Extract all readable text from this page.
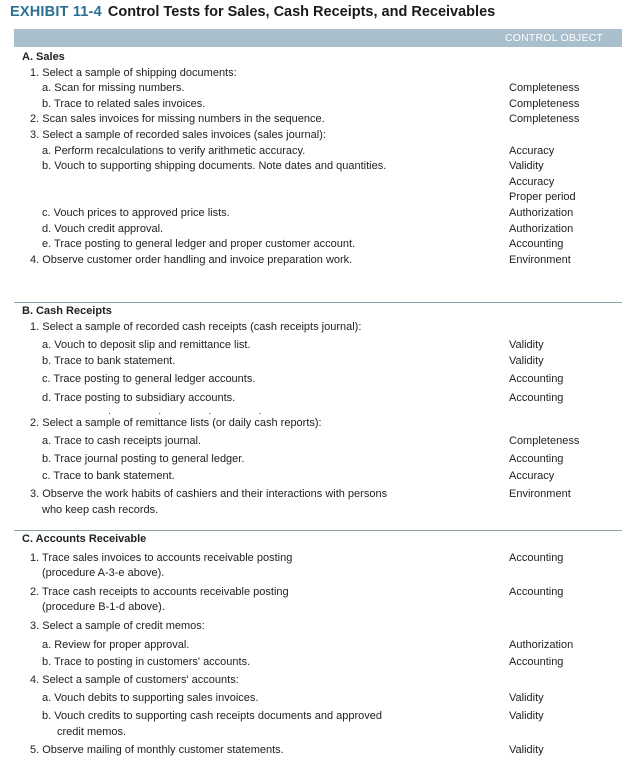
EXHIBIT 11-4 Control Tests for Sales, Cash Receipts, and Receivables
CONTROL OBJECT
A. Sales
1. Select a sample of shipping documents:
a. Scan for missing numbers.	Completeness
b. Trace to related sales invoices.	Completeness
2. Scan sales invoices for missing numbers in the sequence.	Completeness
3. Select a sample of recorded sales invoices (sales journal):
a. Perform recalculations to verify arithmetic accuracy.	Accuracy
b. Vouch to supporting shipping documents. Note dates and quantities.	Validity
Accuracy
Proper period
c. Vouch prices to approved price lists.	Authorization
d. Vouch credit approval.	Authorization
e. Trace posting to general ledger and proper customer account.	Accounting
4. Observe customer order handling and invoice preparation work.	Environment
B. Cash Receipts
1. Select a sample of recorded cash receipts (cash receipts journal):
a. Vouch to deposit slip and remittance list.	Validity
b. Trace to bank statement.	Validity
c. Trace posting to general ledger accounts.	Accounting
d. Trace posting to subsidiary accounts.	Accounting
. . . .
2. Select a sample of remittance lists (or daily cash reports):
a. Trace to cash receipts journal.	Completeness
b. Trace journal posting to general ledger.	Accounting
c. Trace to bank statement.	Accuracy
3. Observe the work habits of cashiers and their interactions with persons	Environment
who keep cash records.
C. Accounts Receivable
1. Trace sales invoices to accounts receivable posting	Accounting
(procedure A-3-e above).
2. Trace cash receipts to accounts receivable posting	Accounting
(procedure B-1-d above).
3. Select a sample of credit memos:
a. Review for proper approval.	Authorization
b. Trace to posting in customers' accounts.	Accounting
4. Select a sample of customers' accounts:
a. Vouch debits to supporting sales invoices.	Validity
b. Vouch credits to supporting cash receipts documents and approved	Validity
credit memos.
5. Observe mailing of monthly customer statements.	Validity
